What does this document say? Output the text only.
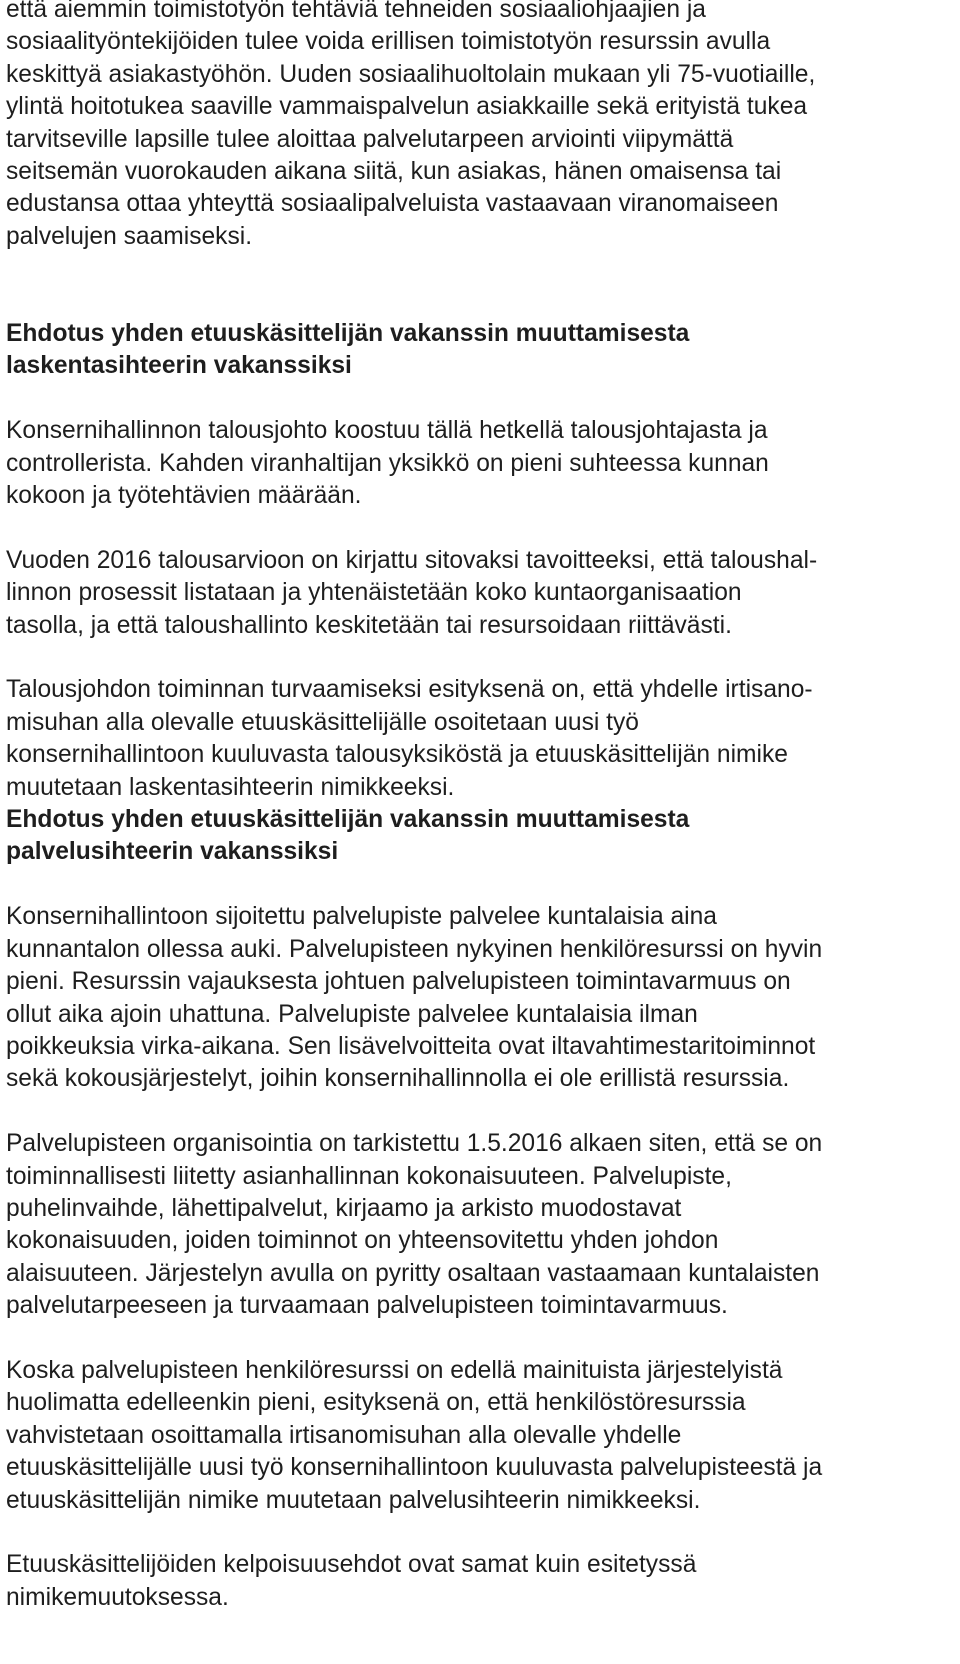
että aiemmin toimistotyön tehtäviä tehneiden sosiaaliohjaajien ja
sosiaalityöntekijöiden tulee voida erillisen toimistotyön resurssin avulla
keskittyä asiakastyöhön. Uuden sosiaalihuoltolain mukaan yli 75-vuotiaille,
ylintä hoitotukea saaville vammaispalvelun asiakkaille sekä erityistä tukea
tarvitseville lapsille tulee aloittaa palvelutarpeen arviointi viipymättä
seitsemän vuorokauden aikana siitä, kun asiakas, hänen omaisensa tai
edustansa ottaa yhteyttä sosiaalipalveluista vastaavaan viranomaiseen
palvelujen saamiseksi.

Ehdotus yhden etuuskäsittelijän vakanssin muuttamisesta
laskentasihteerin vakanssiksi

Konsernihallinnon talousjohto koostuu tällä hetkellä talousjohtajasta ja
controllerista. Kahden viranhaltijan yksikkö on pieni suhteessa kunnan
kokoon ja työtehtävien määrään.

Vuoden 2016 talousarvioon on kirjattu sitovaksi tavoitteeksi, että taloushal-
linnon prosessit listataan ja yhtenäistetään koko kuntaorganisaation
tasolla, ja että taloushallinto keskitetään tai resursoidaan riittävästi.

Talousjohdon toiminnan turvaamiseksi esityksenä on, että yhdelle irtisano-
misuhan alla olevalle etuuskäsittelijälle osoitetaan uusi työ
konsernihallintoon kuuluvasta talousyksiköstä ja etuuskäsittelijän nimike
muutetaan laskentasihteerin nimikkeeksi.

Ehdotus yhden etuuskäsittelijän vakanssin muuttamisesta
palvelusihteerin vakanssiksi

Konsernihallintoon sijoitettu palvelupiste palvelee kuntalaisia aina
kunnantalon ollessa auki. Palvelupisteen nykyinen henkilöresurssi on hyvin
pieni. Resurssin vajauksesta johtuen palvelupisteen toimintavarmuus on
ollut aika ajoin uhattuna. Palvelupiste palvelee kuntalaisia ilman
poikkeuksia virka-aikana. Sen lisävelvoitteita ovat iltavahtimestaritoiminnot
sekä kokousjärjestelyt, joihin konsernihallinnolla ei ole erillistä resurssia.

Palvelupisteen organisointia on tarkistettu 1.5.2016 alkaen siten, että se on
toiminnallisesti liitetty asianhallinnan kokonaisuuteen. Palvelupiste,
puhelinvaihde, lähettipalvelut, kirjaamo ja arkisto muodostavat
kokonaisuuden, joiden toiminnot on yhteensovitettu yhden johdon
alaisuuteen. Järjestelyn avulla on pyritty osaltaan vastaamaan kuntalaisten
palvelutarpeeseen ja turvaamaan palvelupisteen toimintavarmuus.

Koska palvelupisteen henkilöresurssi on edellä mainituista järjestelyistä
huolimatta edelleenkin pieni, esityksenä on, että henkilöstöresurssia
vahvistetaan osoittamalla irtisanomisuhan alla olevalle yhdelle
etuuskäsittelijälle uusi työ konsernihallintoon kuuluvasta palvelupisteestä ja
etuuskäsittelijän nimike muutetaan palvelusihteerin nimikkeeksi.

Etuuskäsittelijöiden kelpoisuusehdot ovat samat kuin esitetyssä
nimikemuutoksessa.
